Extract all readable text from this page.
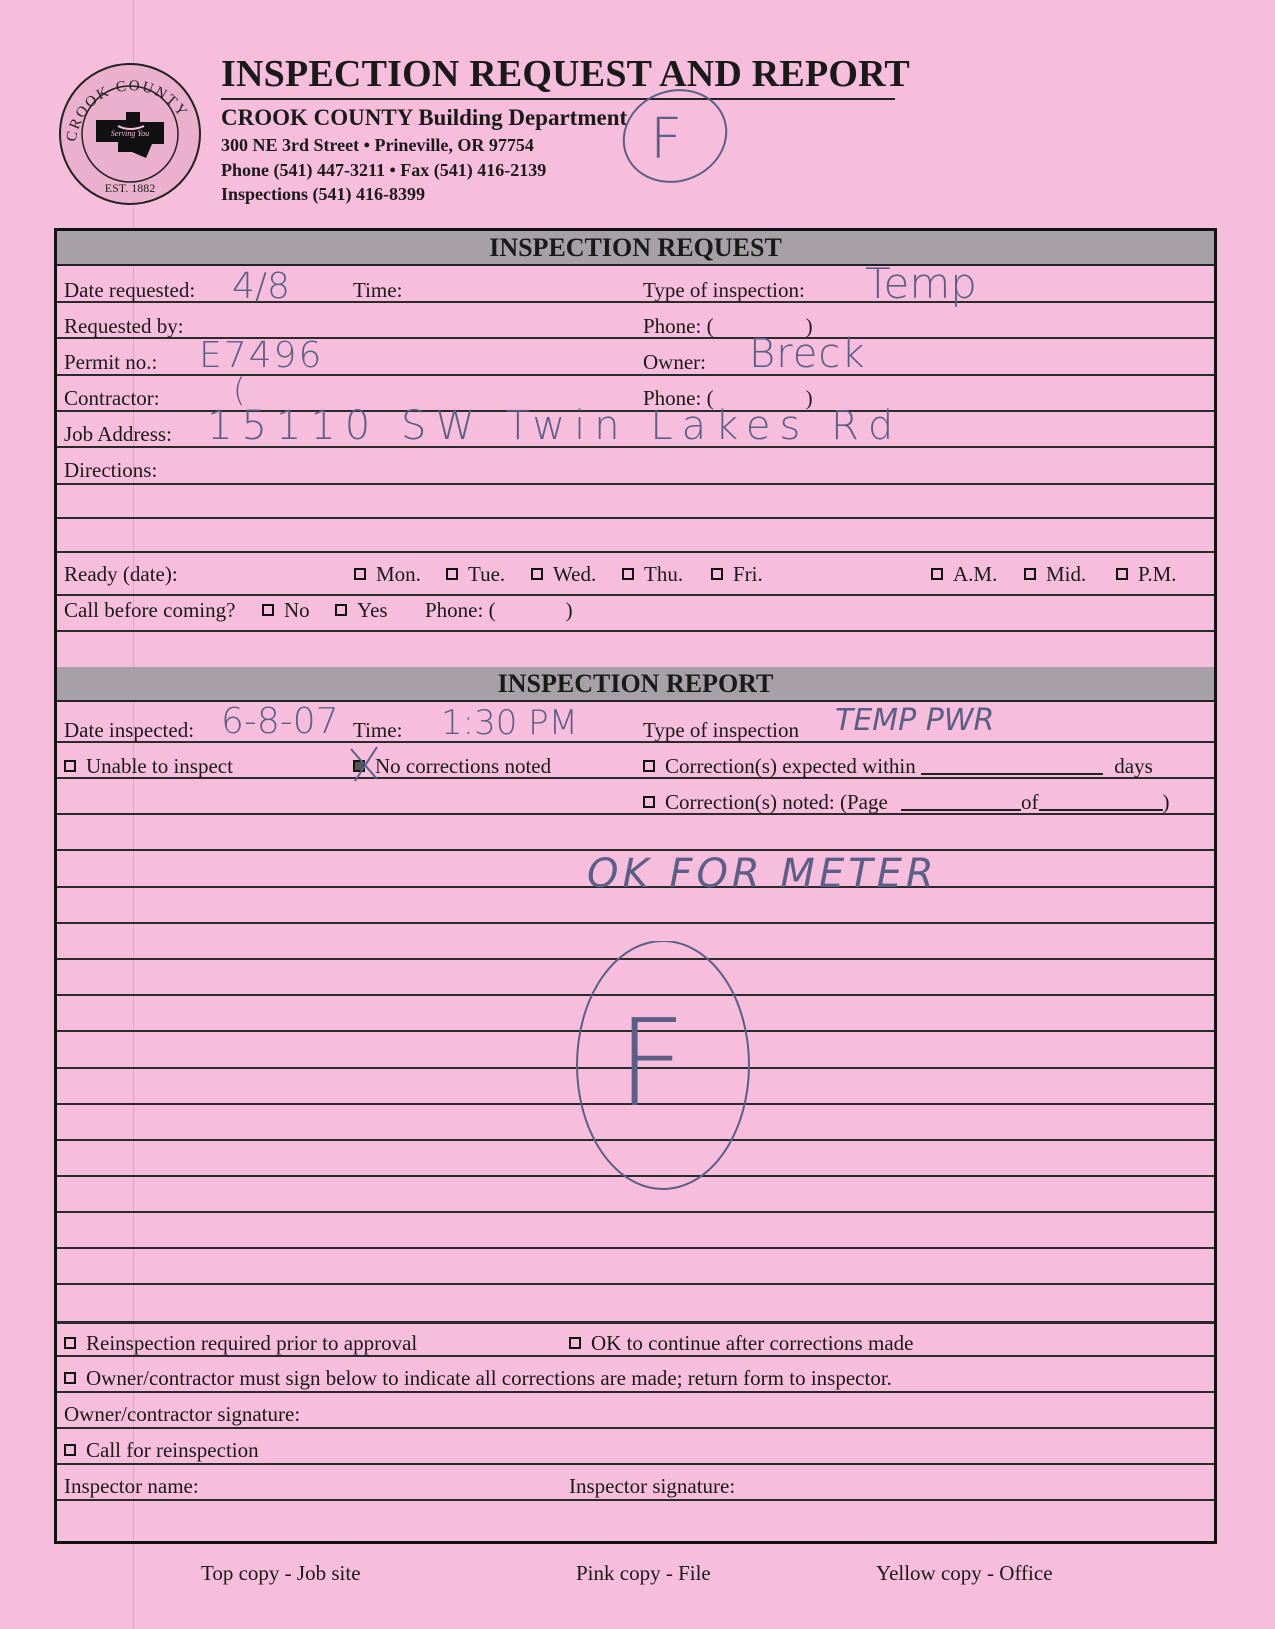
CROOK COUNTY
Serving You
EST. 1882
INSPECTION REQUEST AND REPORT
CROOK COUNTY Building Department
300 NE 3rd Street • Prineville, OR 97754
Phone (541) 447-3211 • Fax (541) 416-2139
Inspections (541) 416-8399
F
INSPECTION REQUEST
Date requested: 4/8	Time:	Type of inspection: Temp
Requested by:	Phone: (	)
Permit no.: E7496	Owner: Breck
Contractor: (	Phone: (	)
Job Address: 15110 SW Twin Lakes Rd
Directions:
Ready (date):	Mon.	Tue.	Wed.	Thu.	Fri.	A.M.	Mid.	P.M.
Call before coming?	No	Yes Phone: (	)
INSPECTION REPORT
Date inspected: 6-8-07 Time: 1:30 PM	Type of inspection TEMP PWR
Unable to inspect	No corrections noted	Correction(s) expected within	days
Correction(s) noted: (Page	of	)
OK FOR METER
F
Reinspection required prior to approval	OK to continue after corrections made
Owner/contractor must sign below to indicate all corrections are made; return form to inspector.
Owner/contractor signature:
Call for reinspection
Inspector name:	Inspector signature:
Top copy - Job site	Pink copy - File	Yellow copy - Office
